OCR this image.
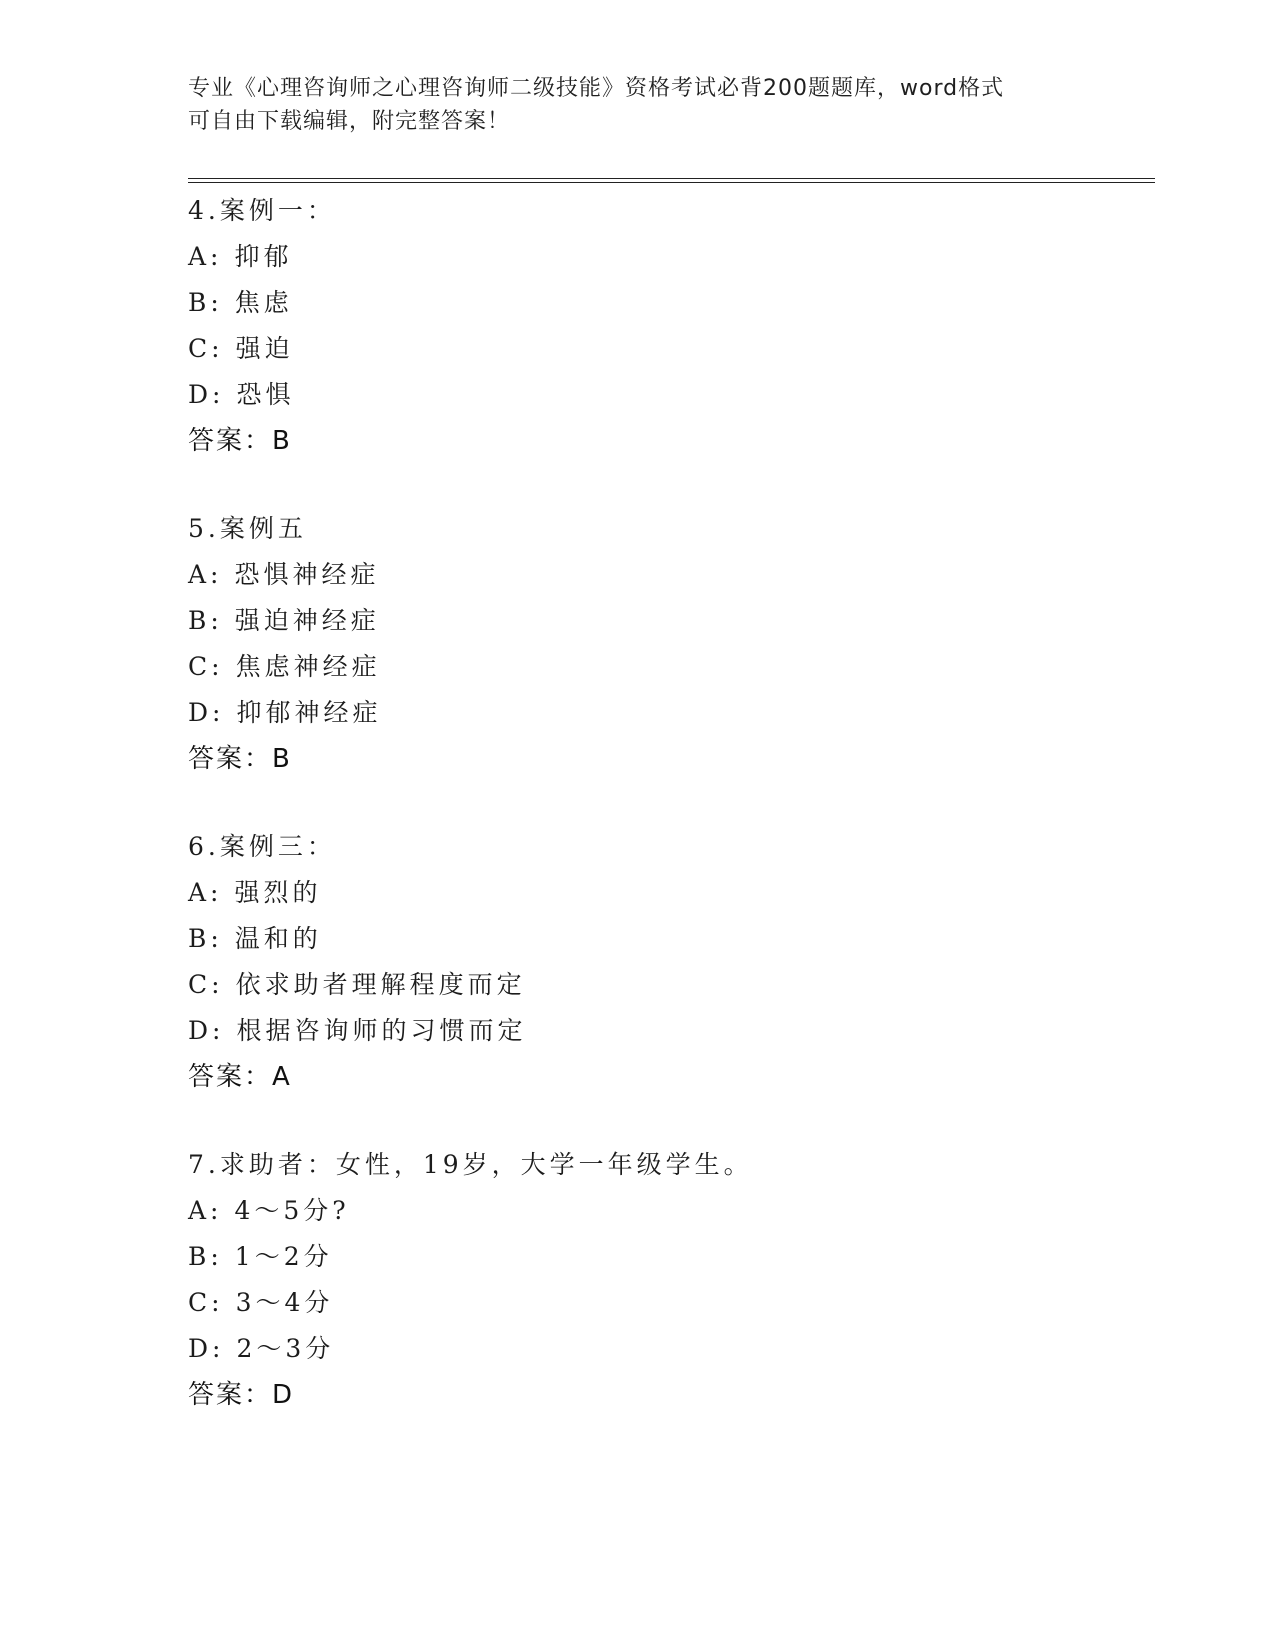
专业《心理咨询师之心理咨询师二级技能》资格考试必背200题题库，word格式
可自由下载编辑，附完整答案！
4.案例一：
A: 抑郁
B: 焦虑
C: 强迫
D: 恐惧
答案：B
5.案例五
A: 恐惧神经症
B: 强迫神经症
C: 焦虑神经症
D: 抑郁神经症
答案：B
6.案例三：
A: 强烈的
B: 温和的
C: 依求助者理解程度而定
D: 根据咨询师的习惯而定
答案：A
7.求助者：女性，19岁，大学一年级学生。
A: 4～5分?
B: 1～2分
C: 3～4分
D: 2～3分
答案：D
